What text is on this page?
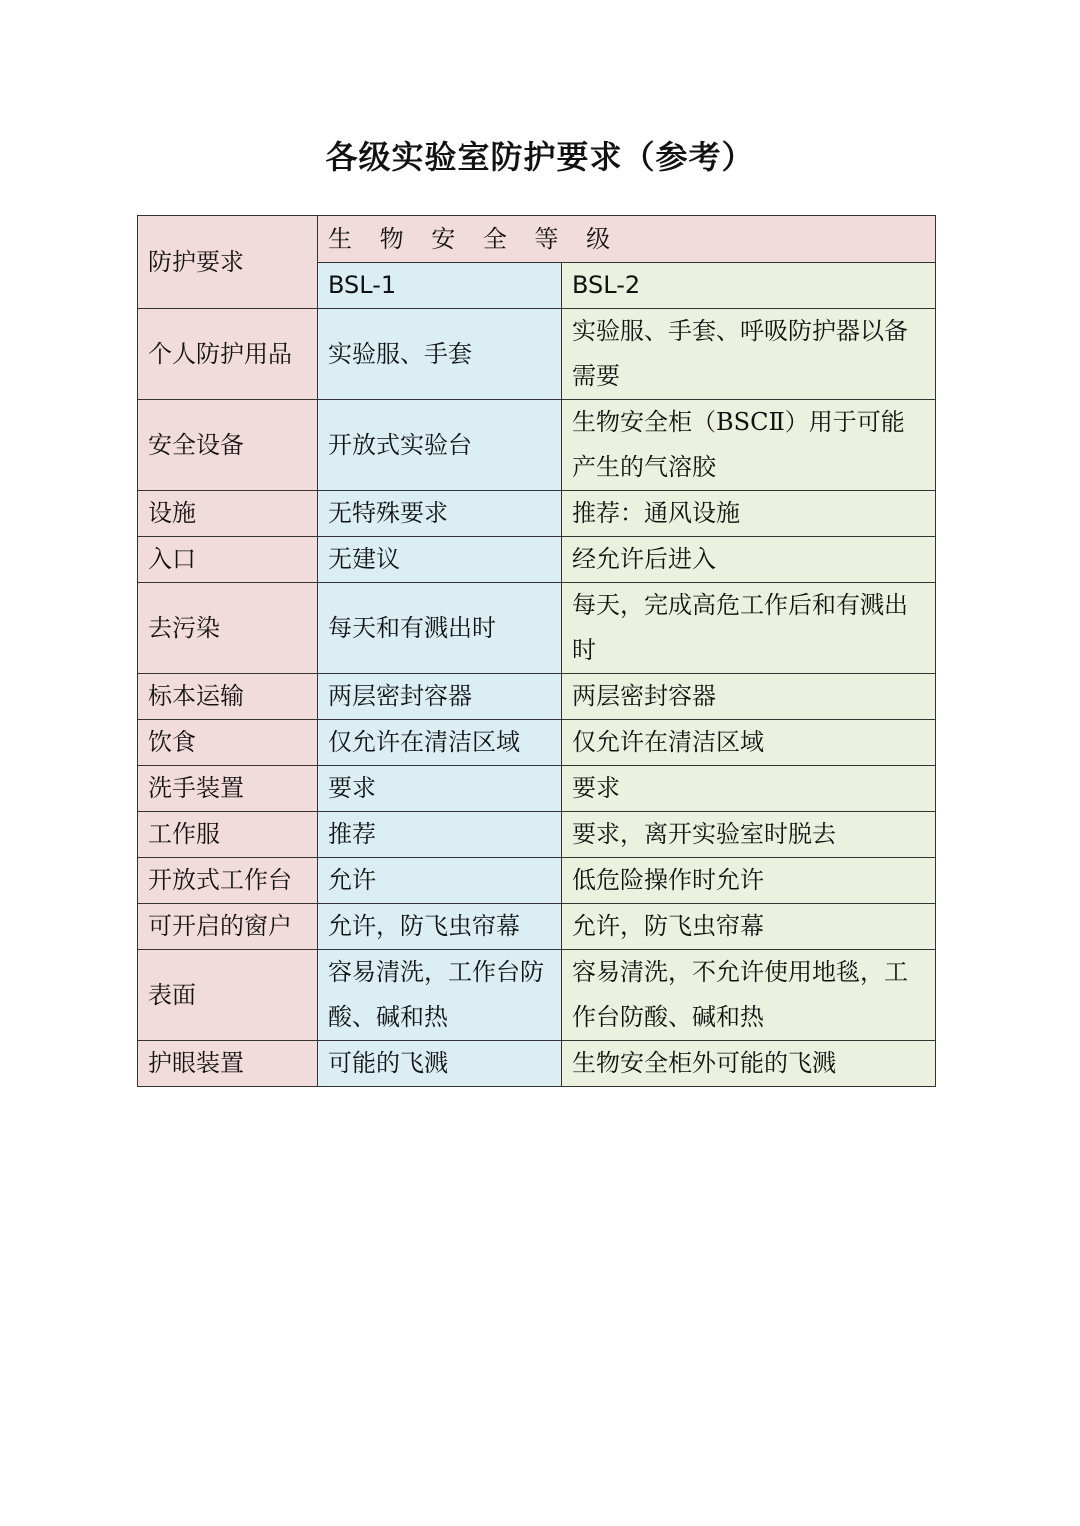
各级实验室防护要求（参考）
防护要求	生 物 安 全 等 级	
	BSL-1	BSL-2
个人防护用品	实验服、手套	实验服、手套、呼吸防护器以备需要
安全设备	开放式实验台	生物安全柜（BSCⅡ）用于可能产生的气溶胶
设施	无特殊要求	推荐：通风设施
入口	无建议	经允许后进入
去污染	每天和有溅出时	每天，完成高危工作后和有溅出时
标本运输	两层密封容器	两层密封容器
饮食	仅允许在清洁区域	仅允许在清洁区域
洗手装置	要求	要求
工作服	推荐	要求，离开实验室时脱去
开放式工作台	允许	低危险操作时允许
可开启的窗户	允许，防飞虫帘幕	允许，防飞虫帘幕
表面	容易清洗，工作台防酸、碱和热	容易清洗，不允许使用地毯，工作台防酸、碱和热
护眼装置	可能的飞溅	生物安全柜外可能的飞溅
